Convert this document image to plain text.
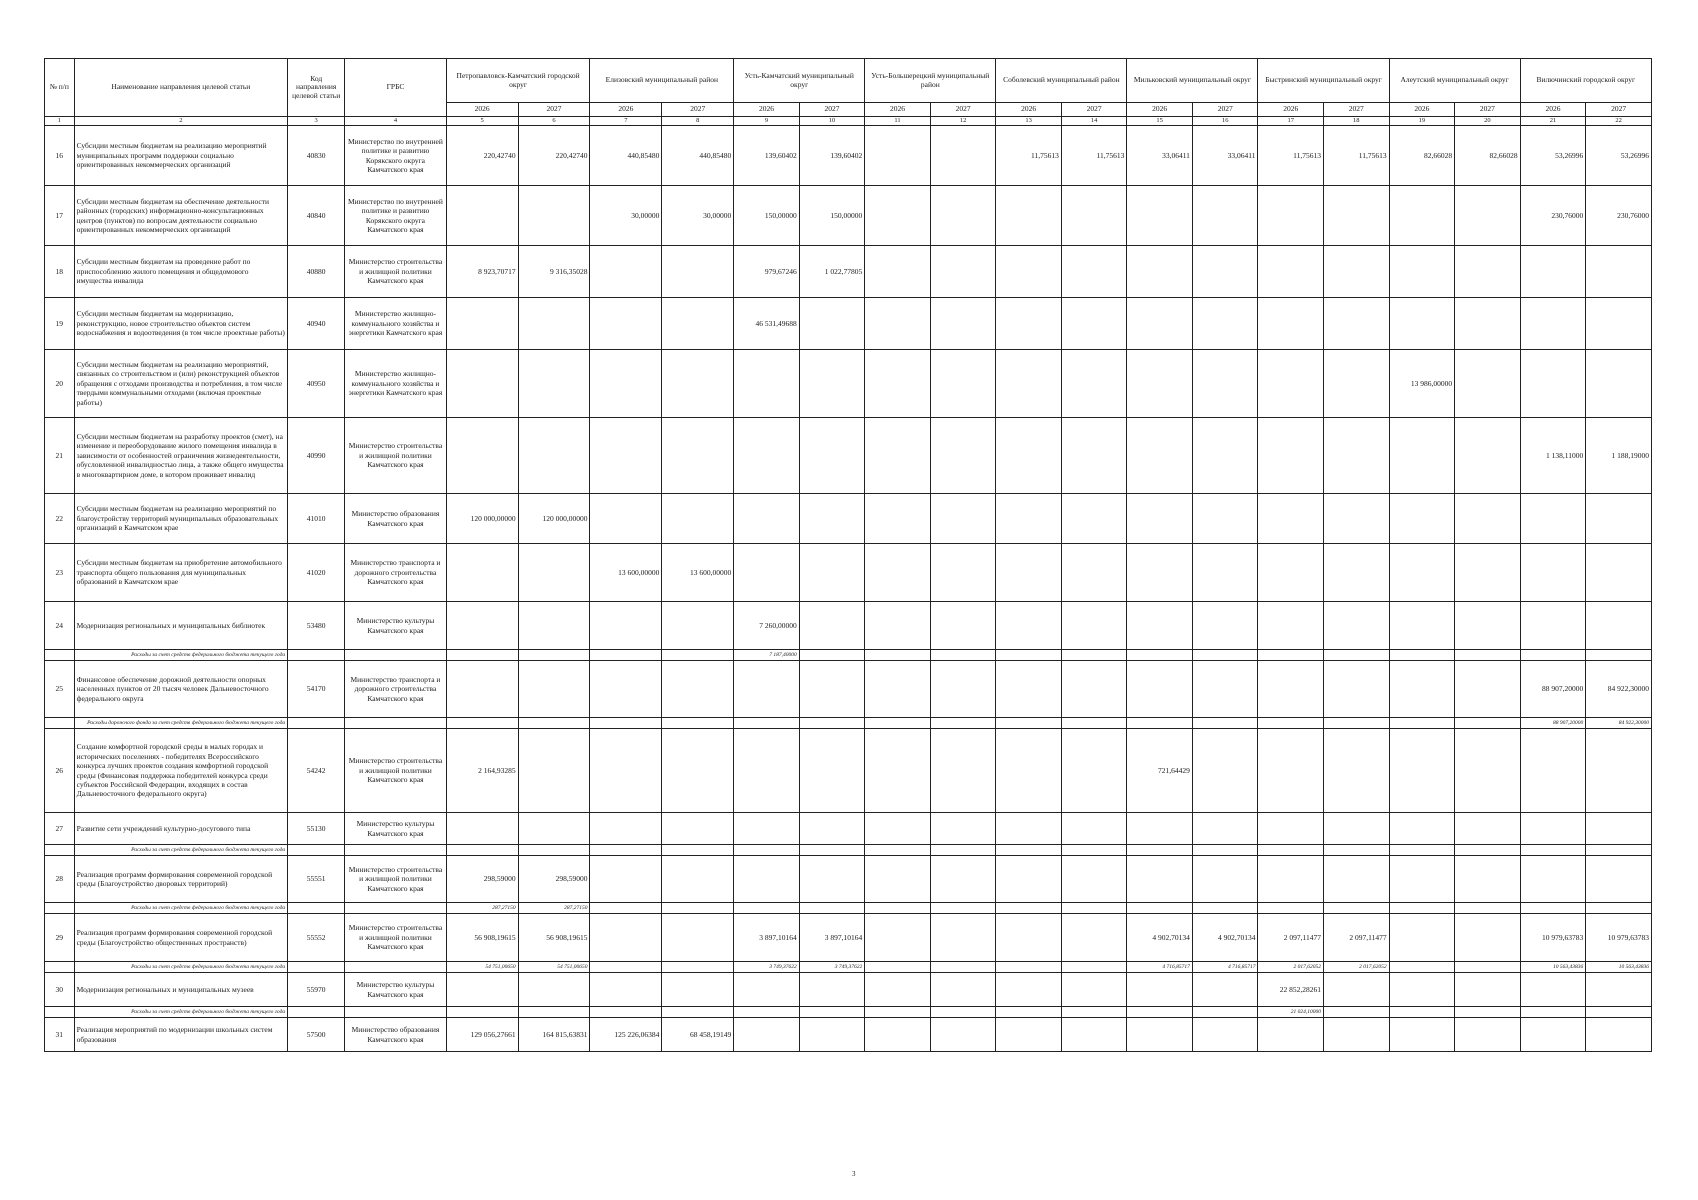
№ п/п	Наименование направления целевой статьи	Код направления целевой статьи	ГРБС	Петропавловск-Камчатский городской округ		Елизовский муниципальный район		Усть-Камчатский муниципальный округ		Усть-Большерецкий муниципальный район		Соболевский муниципальный район		Мильковский муниципальный округ		Быстринский муниципальный округ		Алеутский муниципальный округ		Вилючинский городской округ	
				2026	2027	2026	2027	2026	2027	2026	2027	2026	2027	2026	2027	2026	2027	2026	2027	2026	2027
1	2	3	4	5	6	7	8	9	10	11	12	13	14	15	16	17	18	19	20	21	22
16	Субсидии местным бюджетам на реализацию мероприятий муниципальных программ поддержки социально ориентированных некоммерческих организаций	40830	Министерство по внутренней политике и развитию Корякского округа Камчатского края	220,42740	220,42740	440,85480	440,85480	139,60402	139,60402			11,75613	11,75613	33,06411	33,06411	11,75613	11,75613	82,66028	82,66028	53,26996	53,26996
17	Субсидии местным бюджетам на обеспечение деятельности районных (городских) информационно-консультационных центров (пунктов) по вопросам деятельности социально ориентированных некоммерческих организаций	40840	Министерство по внутренней политике и развитию Корякского округа Камчатского края			30,00000	30,00000	150,00000	150,00000											230,76000	230,76000
18	Субсидии местным бюджетам на проведение работ по приспособлению жилого помещения и общедомового имущества инвалида	40880	Министерство строительства и жилищной политики Камчатского края	8 923,70717	9 316,35028			979,67246	1 022,77805												
19	Субсидии местным бюджетам на модернизацию, реконструкцию, новое строительство объектов систем водоснабжения и водоотведения (в том числе проектные работы)	40940	Министерство жилищно-коммунального хозяйства и энергетики Камчатского края					46 531,49688													
20	Субсидии местным бюджетам на реализацию мероприятий, связанных со строительством и (или) реконструкцией объектов обращения с отходами производства и потребления, в том числе твердыми коммунальными отходами (включая проектные работы)	40950	Министерство жилищно-коммунального хозяйства и энергетики Камчатского края															13 986,00000			
21	Субсидии местным бюджетам на разработку проектов (смет), на изменение и переоборудование жилого помещения инвалида в зависимости от особенностей ограничения жизнедеятельности, обусловленной инвалидностью лица, а также общего имущества в многоквартирном доме, в котором проживает инвалид	40990	Министерство строительства и жилищной политики Камчатского края																	1 138,11000	1 188,19000
22	Субсидии местным бюджетам на реализацию мероприятий по благоустройству территорий муниципальных образовательных организаций в Камчатском крае	41010	Министерство образования Камчатского края	120 000,00000	120 000,00000																
23	Субсидии местным бюджетам на приобретение автомобильного транспорта общего пользования для муниципальных образований в Камчатском крае	41020	Министерство транспорта и дорожного строительства Камчатского края			13 600,00000	13 600,00000														
24	Модернизация региональных и муниципальных библиотек	53480	Министерство культуры Камчатского края					7 260,00000													
	Расходы за счет средств федерального бюджета текущего года							7 187,40000													
25	Финансовое обеспечение дорожной деятельности опорных населенных пунктов от 20 тысяч человек Дальневосточного федерального округа	54170	Министерство транспорта и дорожного строительства Камчатского края																	88 907,20000	84 922,30000
	Расходы дорожного фонда за счет средств федерального бюджета текущего года																			88 907,20000	84 922,30000
26	Создание комфортной городской среды в малых городах и исторических поселениях - победителях Всероссийского конкурса лучших проектов создания комфортной городской среды (Финансовая поддержка победителей конкурса среди субъектов Российской Федерации, входящих в состав Дальневосточного федерального округа)	54242	Министерство строительства и жилищной политики Камчатского края	2 164,93285										721,64429							
27	Развитие сети учреждений культурно-досугового типа	55130	Министерство культуры Камчатского края																		
	Расходы за счет средств федерального бюджета текущего года																				
28	Реализация программ формирования современной городской среды (Благоустройство дворовых территорий)	55551	Министерство строительства и жилищной политики Камчатского края	298,59000	298,59000																
	Расходы за счет средств федерального бюджета текущего года			287,27150	287,27150																
29	Реализация программ формирования современной городской среды (Благоустройство общественных пространств)	55552	Министерство строительства и жилищной политики Камчатского края	56 908,19615	56 908,19615			3 897,10164	3 897,10164					4 902,70134	4 902,70134	2 097,11477	2 097,11477			10 979,63783	10 979,63783
	Расходы за счет средств федерального бюджета текущего года			54 751,00650	54 751,00650			3 749,37622	3 749,37622					4 716,85717	4 716,85717	2 017,62052	2 017,62052			10 563,43836	10 563,43836
30	Модернизация региональных и муниципальных музеев	55970	Министерство культуры Камчатского края													22 852,28261					
	Расходы за счет средств федерального бюджета текущего года															21 024,10000					
31	Реализация мероприятий по модернизации школьных систем образования	57500	Министерство образования Камчатского края	129 056,27661	164 815,63831	125 226,06384	68 458,19149														
3
